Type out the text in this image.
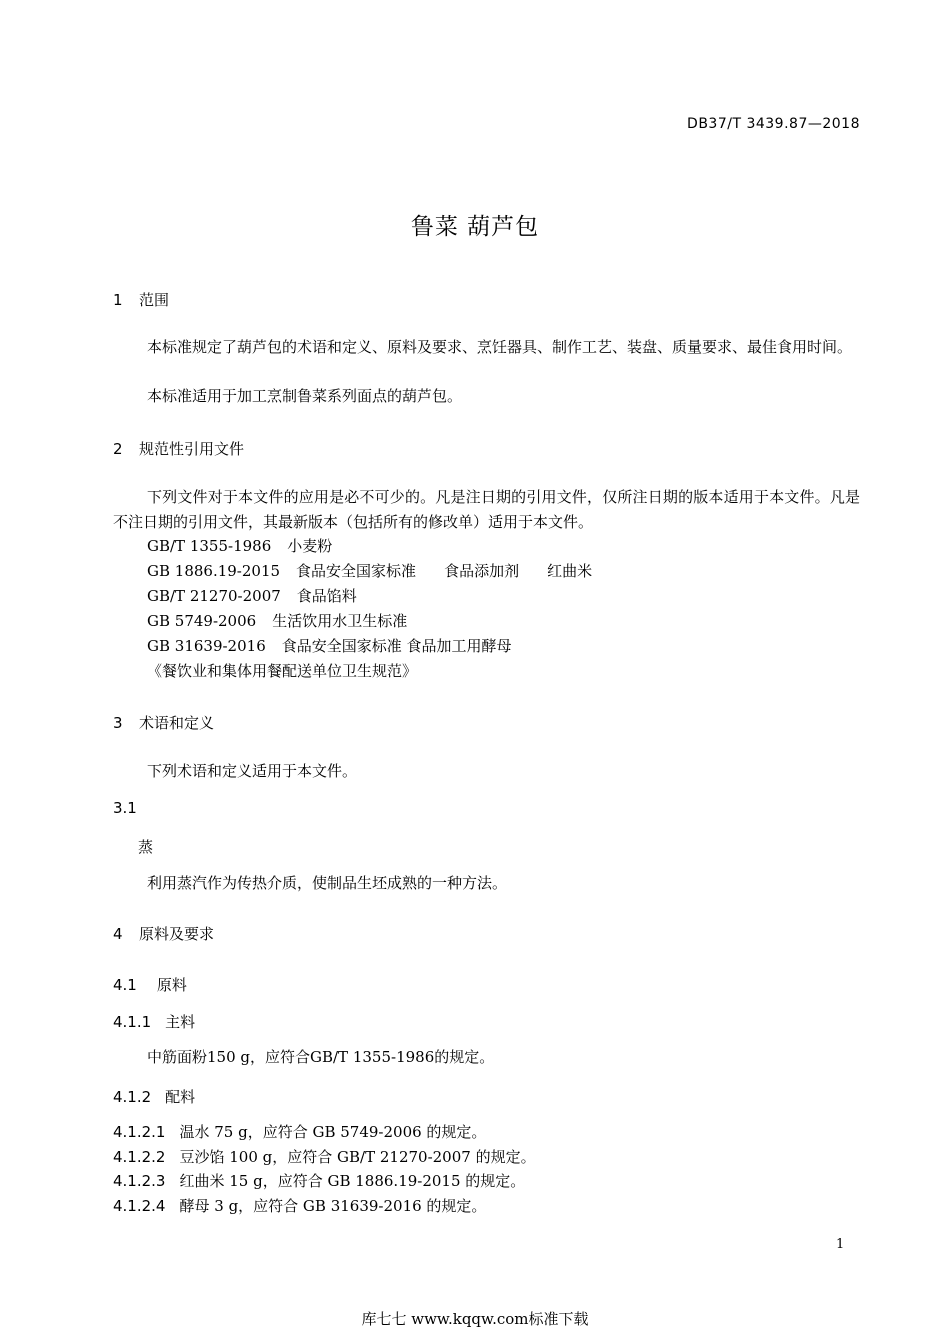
DB37/T 3439.87—2018
鲁菜 葫芦包
1 范围
本标准规定了葫芦包的术语和定义、原料及要求、烹饪器具、制作工艺、装盘、质量要求、最佳食用时间。
本标准适用于加工烹制鲁菜系列面点的葫芦包。
2 规范性引用文件
下列文件对于本文件的应用是必不可少的。凡是注日期的引用文件，仅所注日期的版本适用于本文件。凡是不注日期的引用文件，其最新版本（包括所有的修改单）适用于本文件。
GB/T 1355-1986 小麦粉
GB 1886.19-2015 食品安全国家标准 食品添加剂 红曲米
GB/T 21270-2007 食品馅料
GB 5749-2006 生活饮用水卫生标准
GB 31639-2016 食品安全国家标准 食品加工用酵母
《餐饮业和集体用餐配送单位卫生规范》
3 术语和定义
下列术语和定义适用于本文件。
3.1
蒸
利用蒸汽作为传热介质，使制品生坯成熟的一种方法。
4 原料及要求
4.1 原料
4.1.1 主料
中筋面粉150 g，应符合GB/T 1355-1986的规定。
4.1.2 配料
4.1.2.1 温水 75 g，应符合 GB 5749-2006 的规定。
4.1.2.2 豆沙馅 100 g，应符合 GB/T 21270-2007 的规定。
4.1.2.3 红曲米 15 g，应符合 GB 1886.19-2015 的规定。
4.1.2.4 酵母 3 g，应符合 GB 31639-2016 的规定。
1
库七七 www.kqqw.com标准下载
